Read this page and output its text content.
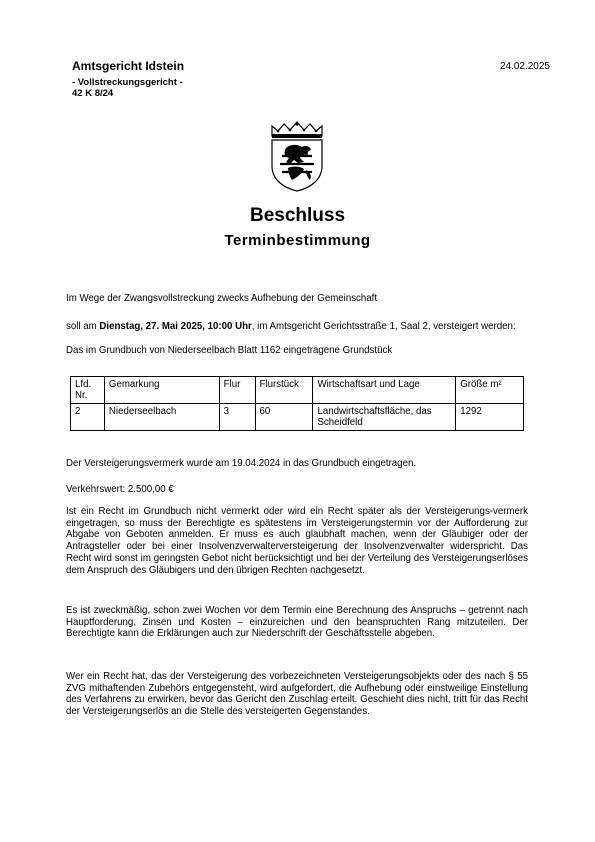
Amtsgericht Idstein
- Vollstreckungsgericht -
42 K 8/24
24.02.2025
Beschluss
Terminbestimmung
Im Wege der Zwangsvollstreckung zwecks Aufhebung der Gemeinschaft
soll am Dienstag, 27. Mai 2025, 10:00 Uhr, im Amtsgericht Gerichtsstraße 1, Saal 2, versteigert werden:
Das im Grundbuch von Niederseelbach Blatt 1162 eingetragene Grundstück
Lfd. Nr.	Gemarkung	Flur	Flurstück	Wirtschaftsart und Lage	Größe m²
2	Niederseelbach	3	60	Landwirtschaftsfläche, das Scheidfeld	1292
Der Versteigerungsvermerk wurde am 19.04.2024 in das Grundbuch eingetragen.
Verkehrswert: 2.500,00 €
Ist ein Recht im Grundbuch nicht vermerkt oder wird ein Recht später als der Versteigerungs-vermerk eingetragen, so muss der Berechtigte es spätestens im Versteigerungstermin vor der Aufforderung zur Abgabe von Geboten anmelden. Er muss es auch glaubhaft machen, wenn der Gläubiger oder der Antragsteller oder bei einer Insolvenzverwalterversteigerung der Insolvenzverwalter widerspricht. Das Recht wird sonst im geringsten Gebot nicht berücksichtigt und bei der Verteilung des Versteigerungserlöses dem Anspruch des Gläubigers und den übrigen Rechten nachgesetzt.
Es ist zweckmäßig, schon zwei Wochen vor dem Termin eine Berechnung des Anspruchs – getrennt nach Hauptforderung, Zinsen und Kosten – einzureichen und den beanspruchten Rang mitzuteilen. Der Berechtigte kann die Erklärungen auch zur Niederschrift der Geschäftsstelle abgeben.
Wer ein Recht hat, das der Versteigerung des vorbezeichneten Versteigerungsobjekts oder des nach § 55 ZVG mithaftenden Zubehörs entgegensteht, wird aufgefordert, die Aufhebung oder einstweilige Einstellung des Verfahrens zu erwirken, bevor das Gericht den Zuschlag erteilt. Geschieht dies nicht, tritt für das Recht der Versteigerungserlös an die Stelle des versteigerten Gegenstandes.
